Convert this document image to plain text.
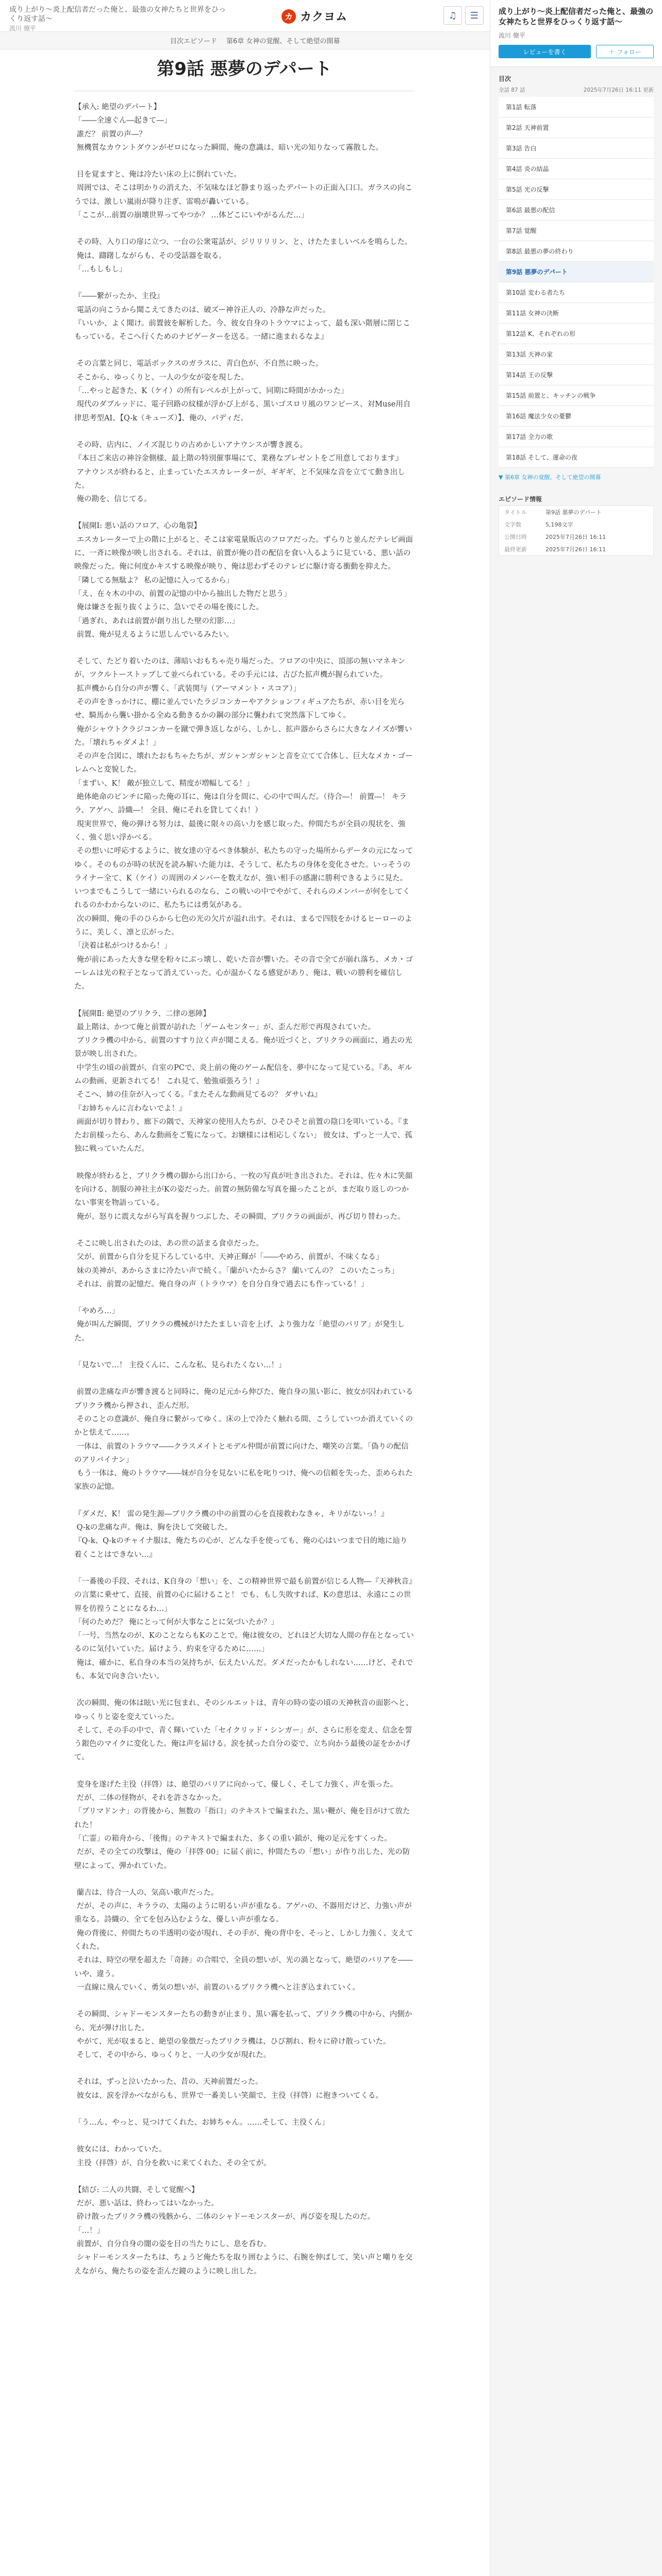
成り上がり〜炎上配信者だった俺と、最強の女神たちと世界をひっくり返す話〜
流川 僚平
カ カクヨム	♫	☰
目次エピソード 第6章 女神の覚醒、そして絶望の開幕
第9話 悪夢のデパート

【承入: 絶望のデパート】
「――全速ぐん―起きて―」
誰だ？ 前置の声―？
無機質なカウントダウンがゼロになった瞬間、俺の意識は、暗い光の知りなって霧散した。

目を覚ますと、俺は冷たい床の上に倒れていた。
周囲では、そこは明かりの消えた、不気味なほど静まり返ったデパートの正面入口口。ガラスの向こうでは、激しい嵐雨が降り注ぎ、雷鳴が轟いている。
「ここが…前置の崩壊世界ってやつか？ …体どこにいやがるんだ…」

その時、入り口の扉に立つ、一台の公衆電話が、ジリリリリン、と、けたたましいベルを鳴らした。
俺は、躊躇しながらも、その受話器を取る。
「…もしもし」

『――繋がったか、主役』
電話の向こうから聞こえてきたのは、破ズー神谷正人の、冷静な声だった。
『いいか、よく聞け。前置彼を解析した。今、彼女自身のトラウマによって、最も深い階層に閉じこもっている。そこへ行くためのナビゲーターを送る。一緒に進まれるなよ』

その言葉と同じ、電話ボックスのガラスに、青白色が、不自然に映った。
そこから、ゆっくりと、一人の少女が姿を現した。
「…やっと起きた、K（ケイ）の所有レベルが上がって、同期に時間がかかった」
現代のダブルッドに、電子回路の紋様が浮かび上がる、黒いゴスロリ風のワンピース、対Muse用自律思考型AI、【Q-k（キューズ）】、俺の、パディだ。

その時、店内に、ノイズ混じりの古めかしいアナウンスが響き渡る。
『本日ご来店の神谷金側様、最上階の特別催事場にて、業務なプレゼントをご用意しております』
アナウンスが終わると、止まっていたエスカレーターが、ギギギ、と不気味な音を立てて動き出した。
俺の勘を、信じてる。

【展開Ⅰ: 悪い話のフロア、心の亀裂】
エスカレーターで上の階に上がると、そこは家電量販店のフロアだった。ずらりと並んだテレビ画面に、一斉に映像が映し出される。それは、前置が俺の昔の配信を食い入るように見ている、悪い話の映像だった。俺に何度かキスする映像が映り、俺は思わずそのテレビに駆け寄る衝動を抑えた。
「隣してる無駄よ？ 私の記憶に入ってるから」
「え、在々木の中の、前置の記憶の中から抽出した物だと思う」
俺は嫌さを振り抜くように、急いでその場を後にした。
「過ぎれ、あれは前置が創り出した壁の幻影…」
前置、俺が見えるように思しんでいるみたい。

そして、たどり着いたのは、薄暗いおもちゃ売り場だった。フロアの中央に、頂部の無いマネキンが、ツクルトーストップして並べられている。その手元には、古びた拡声機が握られていた。
拡声機から自分の声が響く、「武装関与（アーマメント・スコア）」
その声をきっかけに、棚に並んでいたラジコンカーやアクションフィギュアたちが、赤い目を光らせ、騎馬から襲い掛かる全ぬる動きるかの鋼の部分に襲われて突然落下してゆく。
俺がシャウトクラジコンカーを蹴で弾き返しながら、しかし、拡声器からさらに大きなノイズが響いた。「壊れちゃダメよ！」
その声を合図に、壊れたおもちゃたちが、ガシャンガシャンと音を立てて合体し、巨大なメカ・ゴーレムへと変貌した。
「まずい、K！ 敵が独立して、精度が増幅してる！」
絶体絶命のピンチに陥った俺の耳に、俺は自分を間に、心の中で叫んだ。（待合―！ 前置―！ キララ、アゲハ、詩織―！ 全員、俺にそれを貸してくれ！）
現実世界で、俺の弾ける努力は、最後に限々の高い力を感じ取った。仲間たちが全員の現状を、強く、強く思い浮かべる。
その想いに呼応するように、彼女達の守るべき体験が、私たちの守った場所からデータの元になってゆく。そのものが時の状況を読み解いた能力は、そうして、私たちの身体を変化させた。いっそうのライナー全て、K（ケイ）の周囲のメンバーを数えなが、強い相手の感謝に勝利できるように見た。いつまでもこうして一緒にいられるのなら、この戦いの中でやがて、それらのメンバーが何をしてくれるのかわからないのに、私たちには勇気がある。
次の瞬間、俺の手のひらから七色の光の欠片が溢れ出す。それは、まるで四肢をかけるヒーローのように、美しく、凛と広がった。
「決着は私がつけるから！」
俺が前にあった大きな壁を粉々にぶっ壊し、乾いた音が響いた。その音で全てが崩れ落ち、メカ・ゴーレムは光の粒子となって消えていった。心が温かくなる感覚があり、俺は、戦いの勝利を確信した。

【展開Ⅱ: 絶望のブリクラ、二律の悪陣】
最上階は、かつて俺と前置が訪れた「ゲームセンター」が、歪んだ形で再現されていた。
ブリクラ機の中から、前置のすすり泣く声が聞こえる。俺が近づくと、ブリクラの画面に、過去の光景が映し出された。
中学生の頃の前置が、自室のPCで、炎上前の俺のゲーム配信を、夢中になって見ている。『あ、ギルムの動画、更新されてる！ これ見て、勉強頑張ろう！』
そこへ、姉の佳奈が入ってくる。『またそんな動画見てるの？ ダサいね』
『お姉ちゃんに言わないでよ！』
画面が切り替わり、廊下の隅で、天神家の使用人たちが、ひそひそと前置の陰口を叩いている。『またお前様ったら、あんな動画をご覧になって。お嬢様には相応しくない」 彼女は、ずっと一人で、孤独に戦っていたんだ。

映像が終わると、ブリクラ機の脚から出口から、一枚の写真が吐き出された。それは、佐々木に笑顔を向ける、制服の神社主がKの姿だった。前置の無防備な写真を撮ったことが、まだ取り返しのつかない事実を物語っている。
俺が、怒りに震えながら写真を握りつぶした、その瞬間、ブリクラの画面が、再び切り替わった。

そこに映し出されたのは、あの世の話まる食卓だった。
父が、前置から自分を見下ろしている中、天神正輝が「――やめろ、前置が、不味くなる」
妹の美神が、あからさまに冷たい声で続く。「蘭がいたからさ？ 蘭いてんの？ このいたこっち」
それは、前置の記憶だ。俺自身の声（トラウマ）を自分自身で過去にも作っている！」

「やめろ…」
俺が叫んだ瞬間、ブリクラの機械がけたたましい音を上げ、より強力な「絶望のバリア」が発生した。

「見ないで…！ 主役くんに、こんな私、見られたくない…！」

前置の悲痛な声が響き渡ると同時に、俺の足元から伸びた、俺自身の黒い影に、彼女が囚われているブリクラ機から押され、歪んだ形。
そのことの意識が、俺自身に繋がってゆく。床の上で冷たく触れる間、こうしていつか消えていくのかと怯えて……。
一体は、前置のトラウマ――クラスメイトとモデル仲間が前置に向けた、嘲笑の言葉。「偽りの配信のアリバイナン」
もう一体は、俺のトラウマ――妹が自分を見ないに私を叱りつけ、俺への信頼を失った、歪められた家族の記憶。

『ダメだ、K！ 雷の発生源―ブリクラ機の中の前置の心を直接救わなきゃ、キリがないっ！』
Q-kの悲痛な声。俺は、胸を決して突破した。
『Q-k、Q-kのチャイナ服は、俺たちの心が、どんな手を使っても、俺の心はいつまで目的地に辿り着くことはできない…』

「一番後の手段、それは、K自身の「想い」を、この精神世界で最も前置が信じる人物―『天神秋音』の言葉に乗せて、直接、前置の心に届けること！ でも、もし失敗すれば、Kの意思は、永遠にこの世界を彷徨うことになるわ…」
「何のためだ？ 俺にとって何が大事なことに気づいたか？」
「一号、当然なのが、KのことならもKのことで。俺は彼女の、どれほど大切な人間の存在となっているのに気付いていた。届けよう、約束を守るために……」
俺は、確かに、私自身の本当の気持ちが、伝えたいんだ。ダメだったかもしれない……けど、それでも、本気で向き合いたい。

次の瞬間、俺の体は眩い光に包まれ、そのシルエットは、青年の時の姿の頃の天神秋音の面影へと、ゆっくりと姿を変えていった。
そして、その手の中で、青く輝いていた「セイクリッド・シンガー」が、さらに形を変え、信念を誓う銀色のマイクに変化した。俺は声を届ける。涙を拭った自分の姿で、立ち向かう最後の証をかかげて。

変身を遂げた主役（拝啓）は、絶望のバリアに向かって、優しく、そして力強く、声を張った。
だが、二体の怪物が、それを許さなかった。
「プリマドンナ」の背後から、無数の「指口」のテキストで編まれた、黒い鞭が、俺を目がけて放たれた！
「亡霊」の箱舟から、「後悔」のテキストで編まれた、多くの重い鎖が、俺の足元をすくった。
だが、その全ての攻撃は、俺の「拝啓 00」に届く前に、仲間たちの「想い」が作り出した、光の防壁によって、弾かれていた。

蘭吉は、待合一人の、気高い歌声だった。
だが、その声に、キララの、太陽のように明るい声が重なる。アゲハの、不器用だけど、力強い声が重なる。詩織の、全てを包み込むような、優しい声が重なる。
俺の背後に、仲間たちの半透明の姿が現れ、その手が、俺の背中を、そっと、しかし力強く、支えてくれた。
それは、時空の壁を超えた「奇跡」の合唱で、全員の想いが、光の渦となって、絶望のバリアを――いや、違う。
一直線に飛んでいく、勇気の想いが、前置のいるブリクラ機へと注ぎ込まれていく。

その瞬間、シャドーモンスターたちの動きが止まり、黒い霧を払って、ブリクラ機の中から、内側から、光が弾け出した。
やがて、光が収まると、絶望の象徴だったブリクラ機は、ひび割れ、粉々に砕け散っていた。
そして、その中から、ゆっくりと、一人の少女が現れた。

それは、ずっと泣いたかった、昔の、天神前置だった。
彼女は、涙を浮かべながらも、世界で一番美しい笑顔で、主役（拝啓）に抱きついてくる。

「う…ん、やっと、見つけてくれた、お姉ちゃん。……そして、主役くん」

彼女には、わかっていた。
主役（拝啓）が、自分を救いに来てくれた、その全てが。

【結び: 二人の共闘、そして覚醒へ】
だが、悪い話は、終わってはいなかった。
砕け散ったブリクラ機の残骸から、二体のシャドーモンスターが、再び姿を現したのだ。
「…！」
前置が、自分自身の闇の姿を目の当たりにし、息を呑む。
シャドーモンスターたちは、ちょうど俺たちを取り囲むように、右腕を伸ばして、笑い声と嘲りを交えながら、俺たちの姿を歪んだ鏡のように映し出した。

成り上がり〜炎上配信者だった俺と、最強の女神たちと世界をひっくり返す話〜
流川 僚平
レビューを書く	＋ フォロー
目次
全話 87 話	2025年7月26日 16:11 更新
第1話 転落
第2話 天神前置
第3話 告白
第4話 炎の結晶
第5話 光の反撃
第6話 最悪の配信
第7話 覚醒
第8話 最悪の夢の終わり
第9話 悪夢のデパート
第10話 変わる者たち
第11話 女神の決断
第12話 K、それぞれの形
第13話 天神の家
第14話 王の反撃
第15話 前置と、キッチンの戦争
第16話 魔法少女の憂鬱
第17話 全力の歌
第18話 そして、運命の夜
▼ 第6章 女神の覚醒、そして絶望の開幕
エピソード情報
タイトル	第9話 悪夢のデパート
文字数	5,198文字
公開日時	2025年7月26日 16:11
最終更新	2025年7月26日 16:11
